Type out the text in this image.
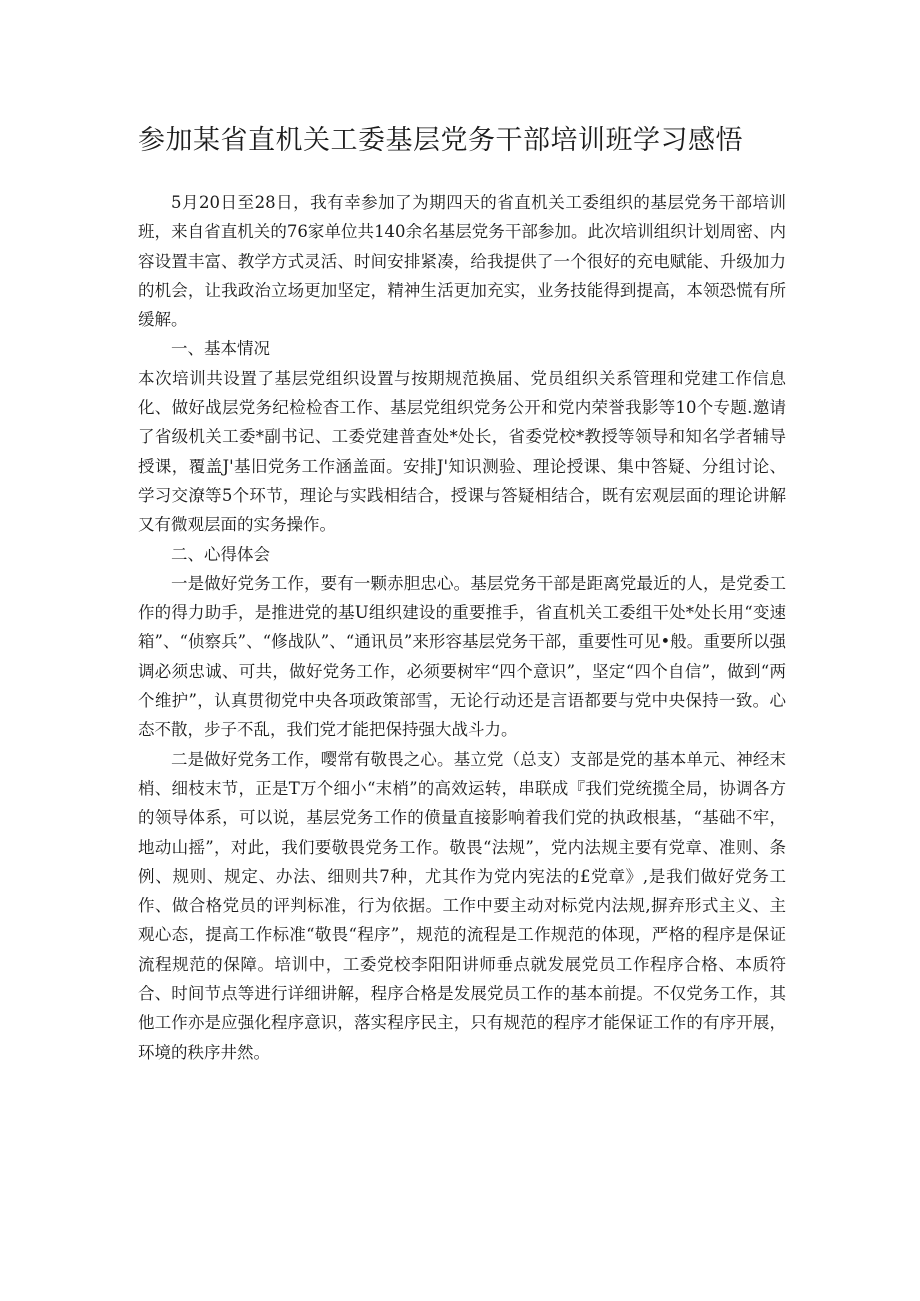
参加某省直机关工委基层党务干部培训班学习感悟

5月20日至28日，我有幸参加了为期四天的省直机关工委组织的基层党务干部培训班，来自省直机关的76家单位共140余名基层党务干部参加。此次培训组织计划周密、内容设置丰富、教学方式灵活、时间安排紧凑，给我提供了一个很好的充电赋能、升级加力的机会，让我政治立场更加坚定，精神生活更加充实，业务技能得到提高，本领恐慌有所缓解。

一、基本情况

本次培训共设置了基层党组织设置与按期规范换届、党员组织关系管理和党建工作信息化、做好战层党务纪检检杳工作、基层党组织党务公开和党内荣誉我影等10个专题.邀请了省级机关工委*副书记、工委党建普查处*处长，省委党校*教授等领导和知名学者辅导授课，覆盖J'基旧党务工作涵盖面。安排J'知识测验、理论授课、集中答疑、分组讨论、学习交潦等5个环节，理论与实践相结合，授课与答疑相结合，既有宏观层面的理论讲解又有微观层面的实务操作。

二、心得体会

一是做好党务工作，要有一颗赤胆忠心。基层党务干部是距离党最近的人，是党委工作的得力助手，是推进党的基U组织建设的重要推手，省直机关工委组干处*处长用“变速箱”、“侦察兵”、“修战队”、“通讯员”来形容基层党务干部，重要性可见•般。重要所以强调必须忠诚、可共，做好党务工作，必须要树牢“四个意识”，坚定“四个自信”，做到“两个维护”，认真贯彻党中央各项政策部雪，无论行动还是言语都要与党中央保持一致。心态不散，步子不乱，我们党才能把保持强大战斗力。

二是做好党务工作，嘤常有敬畏之心。基立党（总支）支部是党的基本单元、神经末梢、细枝末节，正是T万个细小“末梢”的高效运转，串联成『我们党统揽全局，协调各方的领导体系，可以说，基层党务工作的偾量直接影响着我们党的执政根基，“基础不牢，地动山摇”，对此，我们要敬畏党务工作。敬畏“法规”，党内法规主要有党章、准则、条例、规则、规定、办法、细则共7种，尤其作为党内宪法的£党章》,是我们做好党务工作、做合格党员的评判标准，行为依据。工作中要主动对标党内法规,摒弃形式主义、主观心态，提高工作标准“敬畏“程序”，规范的流程是工作规范的体现，严格的程序是保证流程规范的保障。培训中，工委党校李阳阳讲师垂点就发展党员工作程序合格、本质符合、时间节点等进行详细讲解，程序合格是发展党员工作的基本前提。不仅党务工作，其他工作亦是应强化程序意识，落实程序民主，只有规范的程序才能保证工作的有序开展，环境的秩序井然。
